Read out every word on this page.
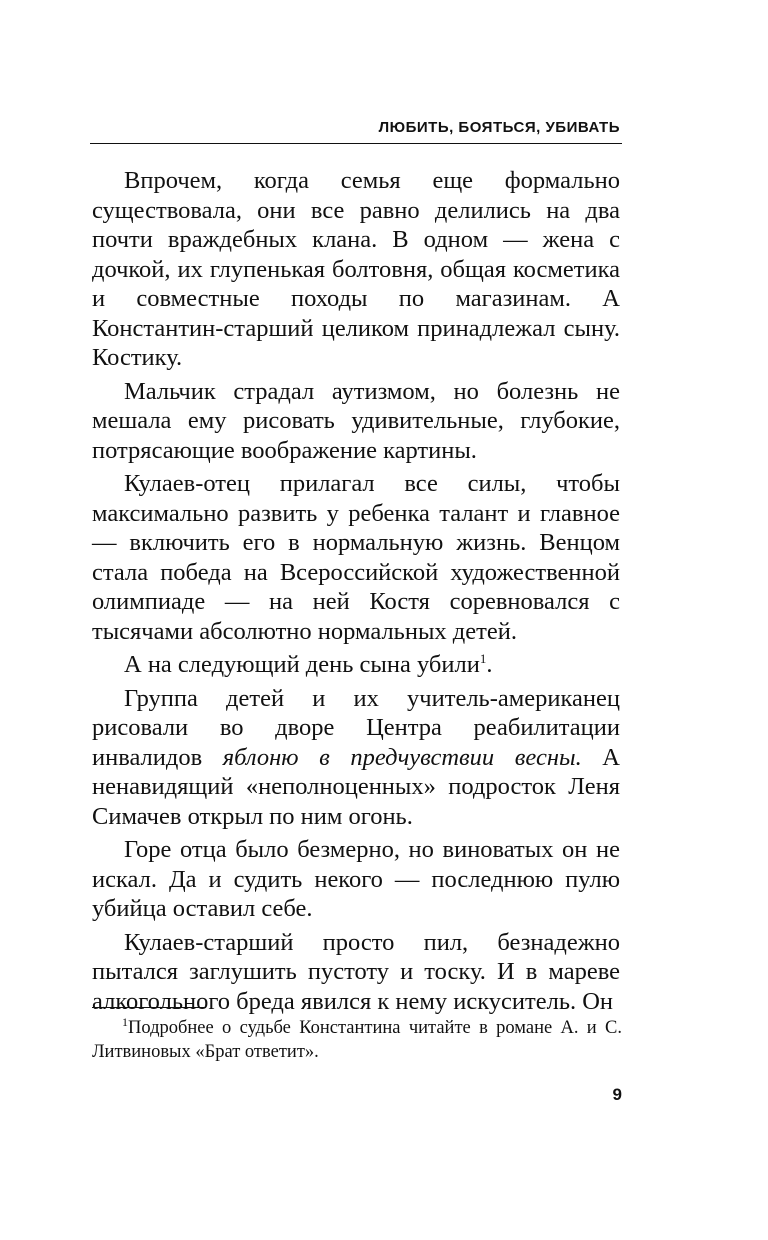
ЛЮБИТЬ, БОЯТЬСЯ, УБИВАТЬ

Впрочем, когда семья еще формально существовала, они все равно делились на два почти враждебных клана. В одном — жена с дочкой, их глупенькая болтовня, общая косметика и совместные походы по магазинам. А Константин-старший целиком принадлежал сыну. Костику.

Мальчик страдал аутизмом, но болезнь не мешала ему рисовать удивительные, глубокие, потрясающие воображение картины.

Кулаев-отец прилагал все силы, чтобы максимально развить у ребенка талант и главное — включить его в нормальную жизнь. Венцом стала победа на Всероссийской художественной олимпиаде — на ней Костя соревновался с тысячами абсолютно нормальных детей.

А на следующий день сына убили$^1$.

Группа детей и их учитель-американец рисовали во дворе Центра реабилитации инвалидов яблоню в предчувствии весны. А ненавидящий «неполноценных» подросток Леня Симачев открыл по ним огонь.

Горе отца было безмерно, но виноватых он не искал. Да и судить некого — последнюю пулю убийца оставил себе.

Кулаев-старший просто пил, безнадежно пытался заглушить пустоту и тоску. И в мареве алкогольного бреда явился к нему искуситель. Он

$^1$Подробнее о судьбе Константина читайте в романе А. и С. Литвиновых «Брат ответит».

9
